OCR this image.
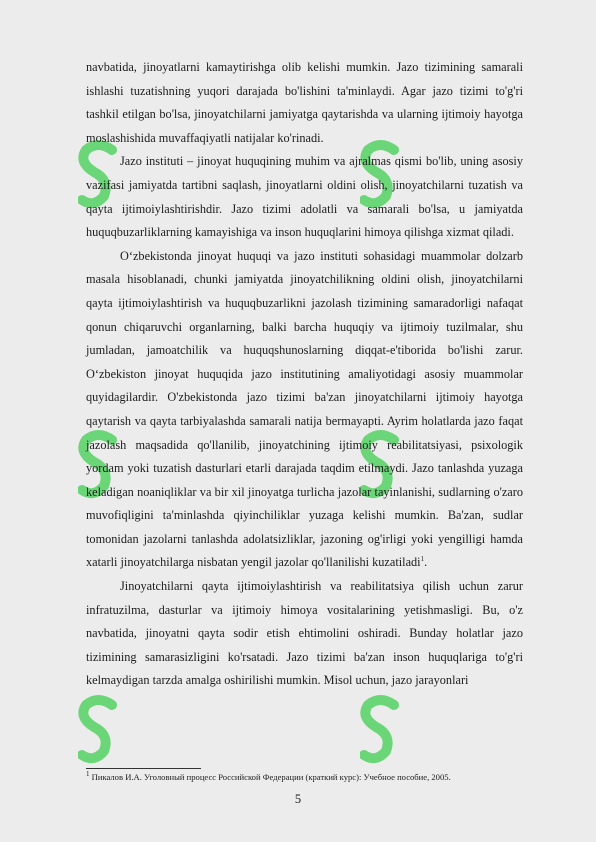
navbatida, jinoyatlarni kamaytirishga olib kelishi mumkin. Jazo tizimining samarali ishlashi tuzatishning yuqori darajada bo'lishini ta'minlaydi. Agar jazo tizimi to'g'ri tashkil etilgan bo'lsa, jinoyatchilarni jamiyatga qaytarishda va ularning ijtimoiy hayotga moslashishida muvaffaqiyatli natijalar ko'rinadi.

Jazo instituti – jinoyat huquqining muhim va ajralmas qismi bo'lib, uning asosiy vazifasi jamiyatda tartibni saqlash, jinoyatlarni oldini olish, jinoyatchilarni tuzatish va qayta ijtimoiylashtirishdir. Jazo tizimi adolatli va samarali bo'lsa, u jamiyatda huquqbuzarliklarning kamayishiga va inson huquqlarini himoya qilishga xizmat qiladi.

O‘zbekistonda jinoyat huquqi va jazo instituti sohasidagi muammolar dolzarb masala hisoblanadi, chunki jamiyatda jinoyatchilikning oldini olish, jinoyatchilarni qayta ijtimoiylashtirish va huquqbuzarlikni jazolash tizimining samaradorligi nafaqat qonun chiqaruvchi organlarning, balki barcha huquqiy va ijtimoiy tuzilmalar, shu jumladan, jamoatchilik va huquqshunoslarning diqqat-e'tiborida bo'lishi zarur. O‘zbekiston jinoyat huquqida jazo institutining amaliyotidagi asosiy muammolar quyidagilardir. O'zbekistonda jazo tizimi ba'zan jinoyatchilarni ijtimoiy hayotga qaytarish va qayta tarbiyalashda samarali natija bermayapti. Ayrim holatlarda jazo faqat jazolash maqsadida qo'llanilib, jinoyatchining ijtimoiy reabilitatsiyasi, psixologik yordam yoki tuzatish dasturlari etarli darajada taqdim etilmaydi. Jazo tanlashda yuzaga keladigan noaniqliklar va bir xil jinoyatga turlicha jazolar tayinlanishi, sudlarning o'zaro muvofiqligini ta'minlashda qiyinchiliklar yuzaga kelishi mumkin. Ba'zan, sudlar tomonidan jazolarni tanlashda adolatsizliklar, jazoning og'irligi yoki yengilligi hamda xatarli jinoyatchilarga nisbatan yengil jazolar qo'llanilishi kuzatiladi$^1$.

Jinoyatchilarni qayta ijtimoiylashtirish va reabilitatsiya qilish uchun zarur infratuzilma, dasturlar va ijtimoiy himoya vositalarining yetishmasligi. Bu, o'z navbatida, jinoyatni qayta sodir etish ehtimolini oshiradi. Bunday holatlar jazo tizimining samarasizligini ko'rsatadi. Jazo tizimi ba'zan inson huquqlariga to'g'ri kelmaydigan tarzda amalga oshirilishi mumkin. Misol uchun, jazo jarayonlari

$^1$ Пикалов И.А. Уголовный процесс Российской Федерации (краткий курс): Учебное пособие, 2005.
5
